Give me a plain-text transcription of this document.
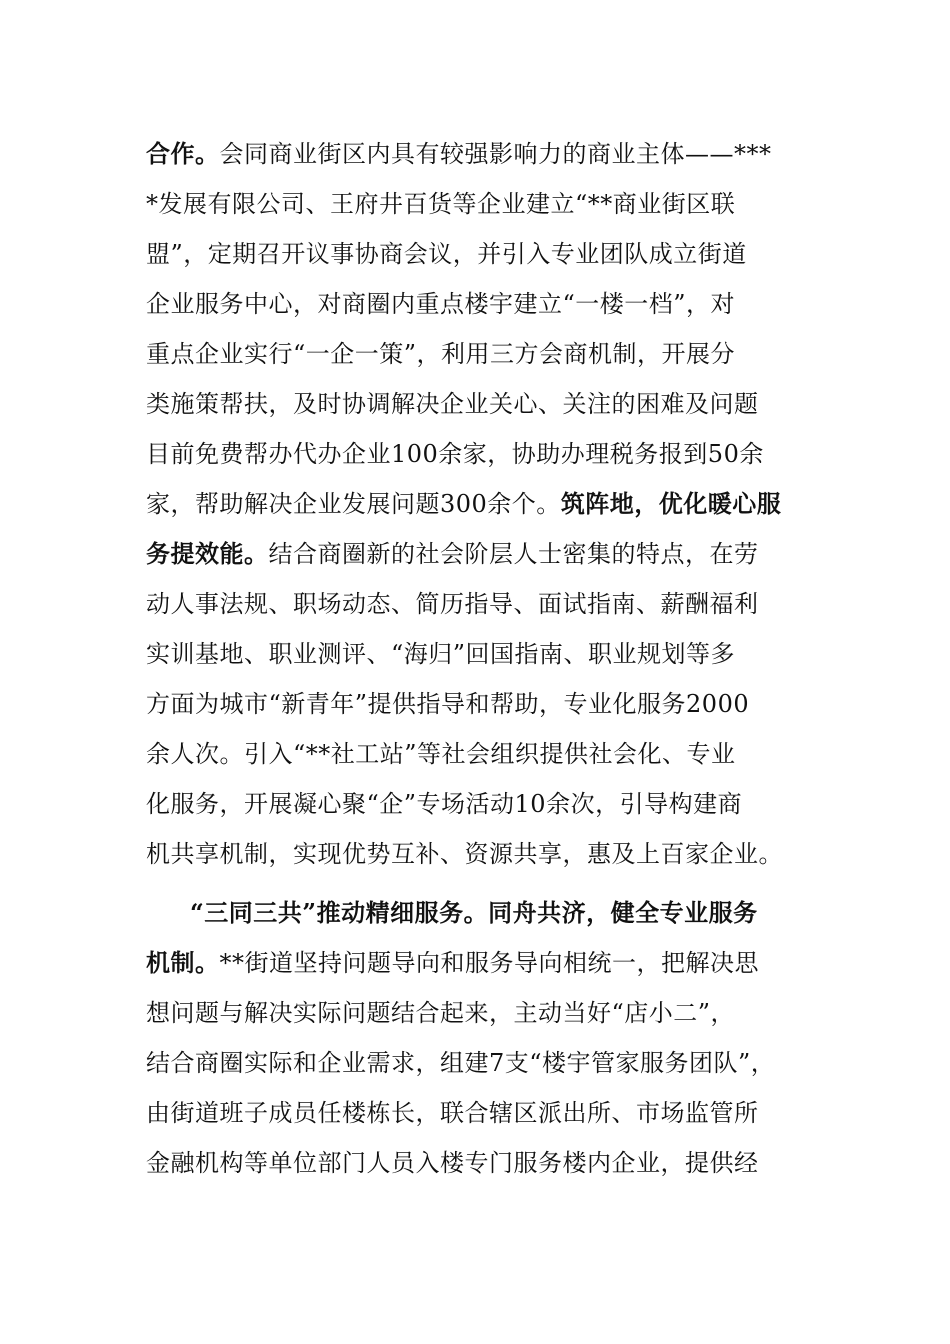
合作。会同商业街区内具有较强影响力的商业主体——***
*发展有限公司、王府井百货等企业建立“**商业街区联
盟”，定期召开议事协商会议，并引入专业团队成立街道
企业服务中心，对商圈内重点楼宇建立“一楼一档”，对
重点企业实行“一企一策”，利用三方会商机制，开展分
类施策帮扶，及时协调解决企业关心、关注的困难及问题
目前免费帮办代办企业100余家，协助办理税务报到50余
家，帮助解决企业发展问题300余个。筑阵地，优化暖心服
务提效能。结合商圈新的社会阶层人士密集的特点，在劳
动人事法规、职场动态、简历指导、面试指南、薪酬福利
实训基地、职业测评、“海归”回国指南、职业规划等多
方面为城市“新青年”提供指导和帮助，专业化服务2000
余人次。引入“**社工站”等社会组织提供社会化、专业
化服务，开展凝心聚“企”专场活动10余次，引导构建商
机共享机制，实现优势互补、资源共享，惠及上百家企业。
“三同三共”推动精细服务。同舟共济，健全专业服务
机制。**街道坚持问题导向和服务导向相统一，把解决思
想问题与解决实际问题结合起来，主动当好“店小二”，
结合商圈实际和企业需求，组建7支“楼宇管家服务团队”，
由街道班子成员任楼栋长，联合辖区派出所、市场监管所
金融机构等单位部门人员入楼专门服务楼内企业，提供经
